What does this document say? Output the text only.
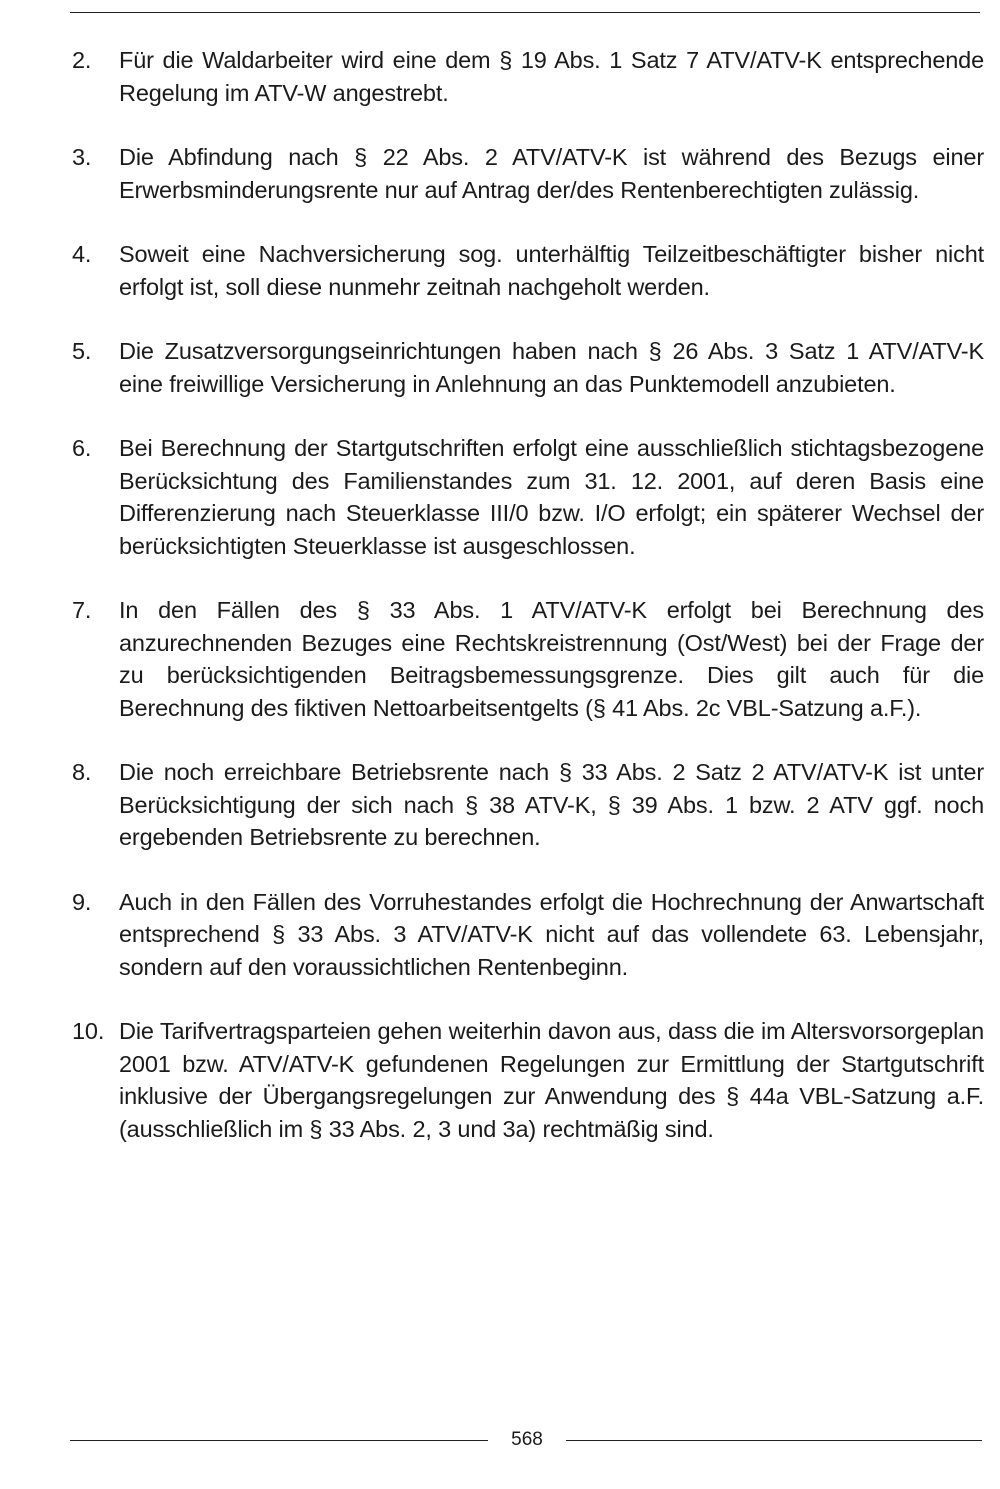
2.	Für die Waldarbeiter wird eine dem § 19 Abs. 1 Satz 7 ATV/ATV-K entsprechende Regelung im ATV-W angestrebt.
3.	Die Abfindung nach § 22 Abs. 2 ATV/ATV-K ist während des Bezugs einer Erwerbsminderungsrente nur auf Antrag der/des Rentenberechtigten zulässig.
4.	Soweit eine Nachversicherung sog. unterhälftig Teilzeitbeschäftigter bisher nicht erfolgt ist, soll diese nunmehr zeitnah nachgeholt werden.
5.	Die Zusatzversorgungseinrichtungen haben nach § 26 Abs. 3 Satz 1 ATV/ATV-K eine freiwillige Versicherung in Anlehnung an das Punktemodell anzubieten.
6.	Bei Berechnung der Startgutschriften erfolgt eine ausschließlich stichtagsbezogene Berücksichtung des Familienstandes zum 31. 12. 2001, auf deren Basis eine Differenzierung nach Steuerklasse III/0 bzw. I/O erfolgt; ein späterer Wechsel der berücksichtigten Steuerklasse ist ausgeschlossen.
7.	In den Fällen des § 33 Abs. 1 ATV/ATV-K erfolgt bei Berechnung des anzurechnenden Bezuges eine Rechtskreistrennung (Ost/West) bei der Frage der zu berücksichtigenden Beitragsbemessungsgrenze. Dies gilt auch für die Berechnung des fiktiven Nettoarbeitsentgelts (§ 41 Abs. 2c VBL-Satzung a.F.).
8.	Die noch erreichbare Betriebsrente nach § 33 Abs. 2 Satz 2 ATV/ATV-K ist unter Berücksichtigung der sich nach § 38 ATV-K, § 39 Abs. 1 bzw. 2 ATV ggf. noch ergebenden Betriebsrente zu berechnen.
9.	Auch in den Fällen des Vorruhestandes erfolgt die Hochrechnung der Anwartschaft entsprechend § 33 Abs. 3 ATV/ATV-K nicht auf das vollendete 63. Lebensjahr, sondern auf den voraussichtlichen Rentenbeginn.
10. Die Tarifvertragsparteien gehen weiterhin davon aus, dass die im Altersvorsorgeplan 2001 bzw. ATV/ATV-K gefundenen Regelungen zur Ermittlung der Startgutschrift inklusive der Übergangsregelungen zur Anwendung des § 44a VBL-Satzung a.F. (ausschließlich im § 33 Abs. 2, 3 und 3a) rechtmäßig sind.
568
